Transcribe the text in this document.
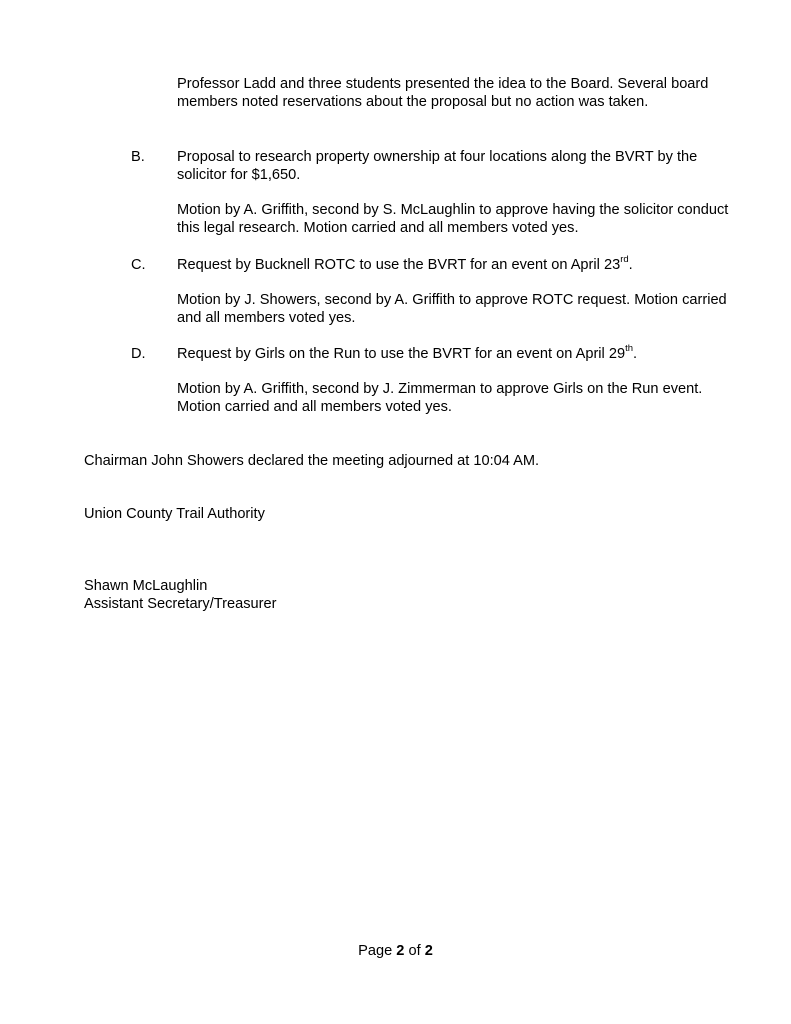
Professor Ladd and three students presented the idea to the Board. Several board members noted reservations about the proposal but no action was taken.

B. Proposal to research property ownership at four locations along the BVRT by the solicitor for $1,650.

Motion by A. Griffith, second by S. McLaughlin to approve having the solicitor conduct this legal research. Motion carried and all members voted yes.

C. Request by Bucknell ROTC to use the BVRT for an event on April 23rd.

Motion by J. Showers, second by A. Griffith to approve ROTC request. Motion carried and all members voted yes.

D. Request by Girls on the Run to use the BVRT for an event on April 29th.

Motion by A. Griffith, second by J. Zimmerman to approve Girls on the Run event. Motion carried and all members voted yes.

Chairman John Showers declared the meeting adjourned at 10:04 AM.

Union County Trail Authority

Shawn McLaughlin

Assistant Secretary/Treasurer

Page 2 of 2
